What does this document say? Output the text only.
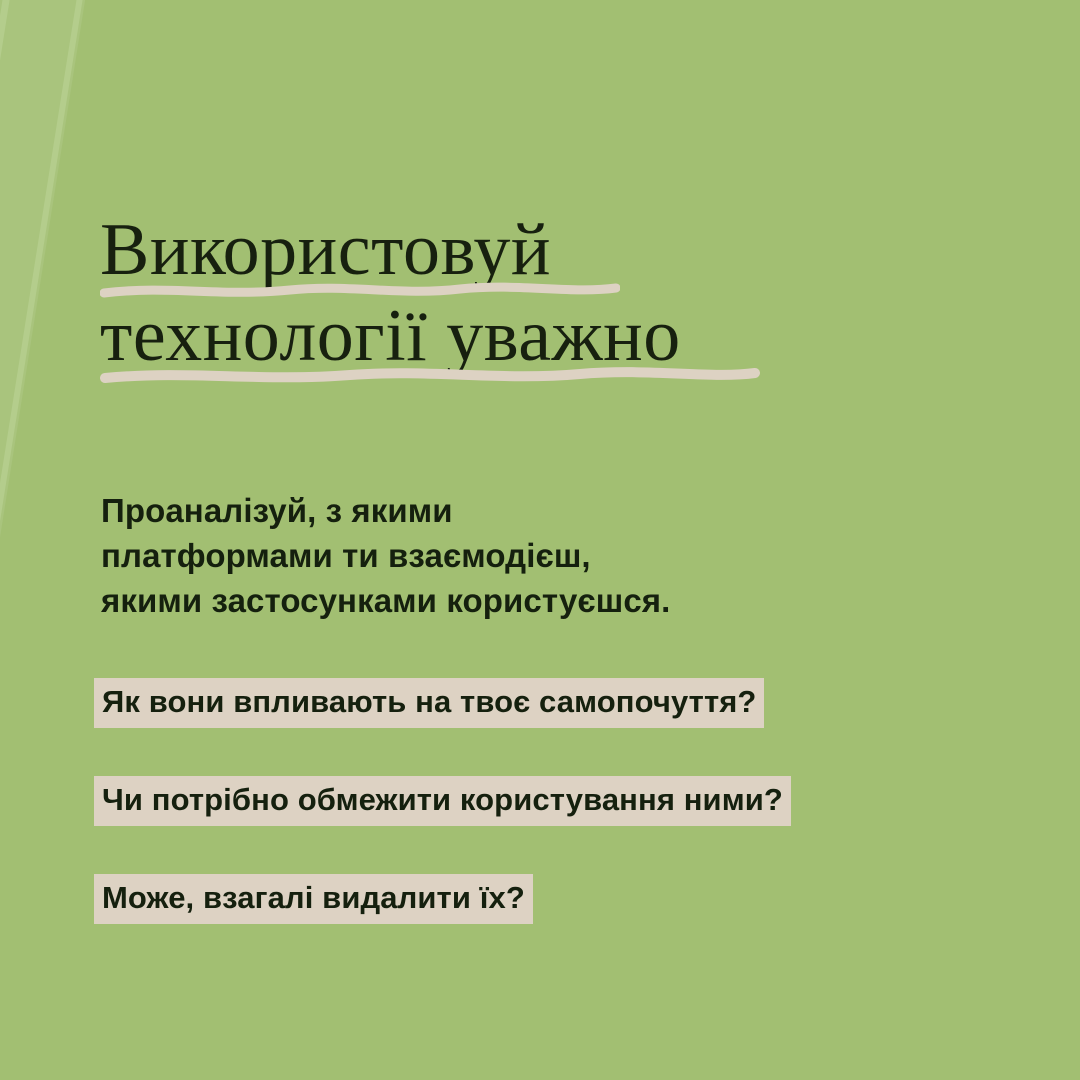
Використовуй
технології уважно
Проаналізуй, з якими
платформами ти взаємодієш,
якими застосунками користуєшся.
Як вони впливають на твоє самопочуття?
Чи потрібно обмежити користування ними?
Може, взагалі видалити їх?
